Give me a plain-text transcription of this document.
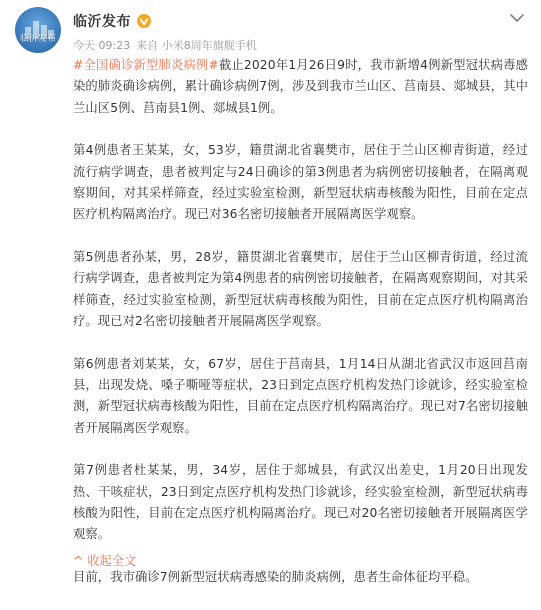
临沂发布
临沂发布
今天 09:23 来自 小米8周年旗舰手机

#全国确诊新型肺炎病例#截止2020年1月26日9时，我市新增4例新型冠状病毒感染的肺炎确诊病例，累计确诊病例7例，涉及到我市兰山区、莒南县、郯城县，其中兰山区5例、莒南县1例、郯城县1例。

第4例患者王某某，女，53岁，籍贯湖北省襄樊市，居住于兰山区柳青街道，经过流行病学调查，患者被判定与24日确诊的第3例患者为病例密切接触者，在隔离观察期间，对其采样筛查，经过实验室检测，新型冠状病毒核酸为阳性，目前在定点医疗机构隔离治疗。现已对36名密切接触者开展隔离医学观察。

第5例患者孙某，男，28岁，籍贯湖北省襄樊市，居住于兰山区柳青街道，经过流行病学调查，患者被判定为第4例患者的病例密切接触者，在隔离观察期间，对其采样筛查，经过实验室检测，新型冠状病毒核酸为阳性，目前在定点医疗机构隔离治疗。现已对2名密切接触者开展隔离医学观察。

第6例患者刘某某，女，67岁，居住于莒南县，1月14日从湖北省武汉市返回莒南县，出现发烧、嗓子嘶哑等症状，23日到定点医疗机构发热门诊就诊，经实验室检测，新型冠状病毒核酸为阳性，目前在定点医疗机构隔离治疗。现已对7名密切接触者开展隔离医学观察。

第7例患者杜某某，男，34岁，居住于郯城县，有武汉出差史，1月20日出现发热、干咳症状，23日到定点医疗机构发热门诊就诊，经实验室检测，新型冠状病毒核酸为阳性，目前在定点医疗机构隔离治疗。现已对20名密切接触者开展隔离医学观察。

目前，我市确诊7例新型冠状病毒感染的肺炎病例，患者生命体征均平稳。

^ 收起全文
